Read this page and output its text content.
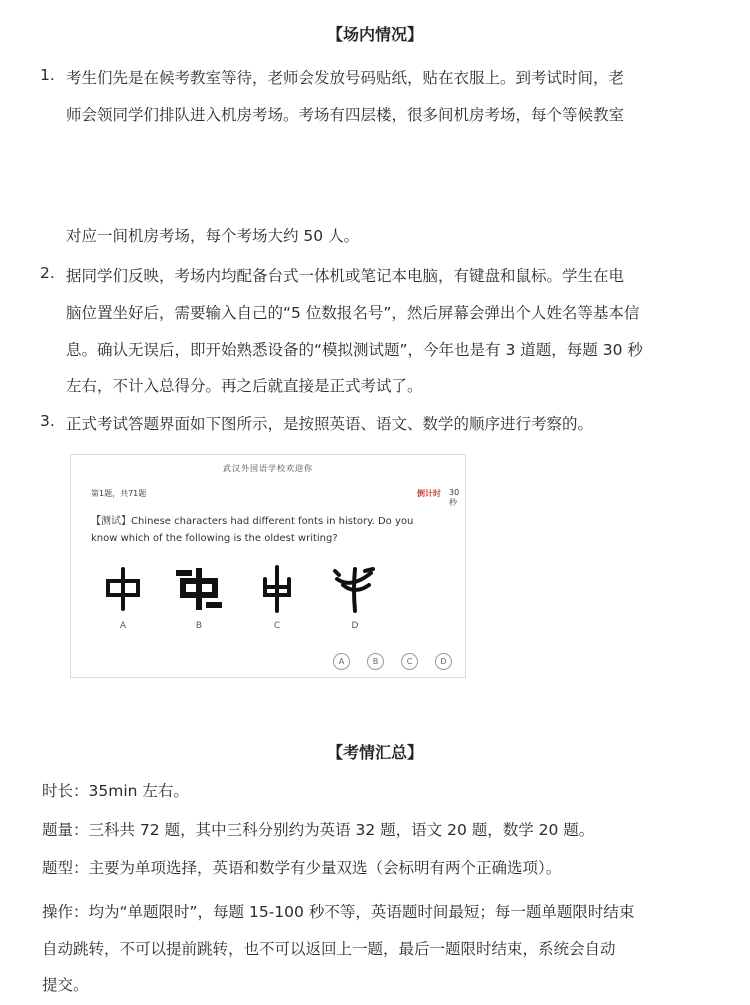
【场内情况】
1. 考生们先是在候考教室等待，老师会发放号码贴纸，贴在衣服上。到考试时间，老
师会领同学们排队进入机房考场。考场有四层楼，很多间机房考场，每个等候教室
对应一间机房考场，每个考场大约 50 人。
2. 据同学们反映，考场内均配备台式一体机或笔记本电脑，有键盘和鼠标。学生在电
脑位置坐好后，需要输入自己的“5 位数报名号”，然后屏幕会弹出个人姓名等基本信
息。确认无误后，即开始熟悉设备的“模拟测试题”，今年也是有 3 道题，每题 30 秒
左右，不计入总得分。再之后就直接是正式考试了。
3. 正式考试答题界面如下图所示，是按照英语、语文、数学的顺序进行考察的。
武汉外国语学校欢迎你
第1题，共71题	倒计时 30秒
【测试】Chinese characters had different fonts in history. Do you know which of the following is the oldest writing?
A	B	C	D
A	B	C	D
【考情汇总】
时长：35min 左右。
题量：三科共 72 题，其中三科分别约为英语 32 题，语文 20 题，数学 20 题。
题型：主要为单项选择，英语和数学有少量双选（会标明有两个正确选项）。
操作：均为“单题限时”，每题 15-100 秒不等，英语题时间最短；每一题单题限时结束
自动跳转，不可以提前跳转，也不可以返回上一题，最后一题限时结束，系统会自动
提交。
